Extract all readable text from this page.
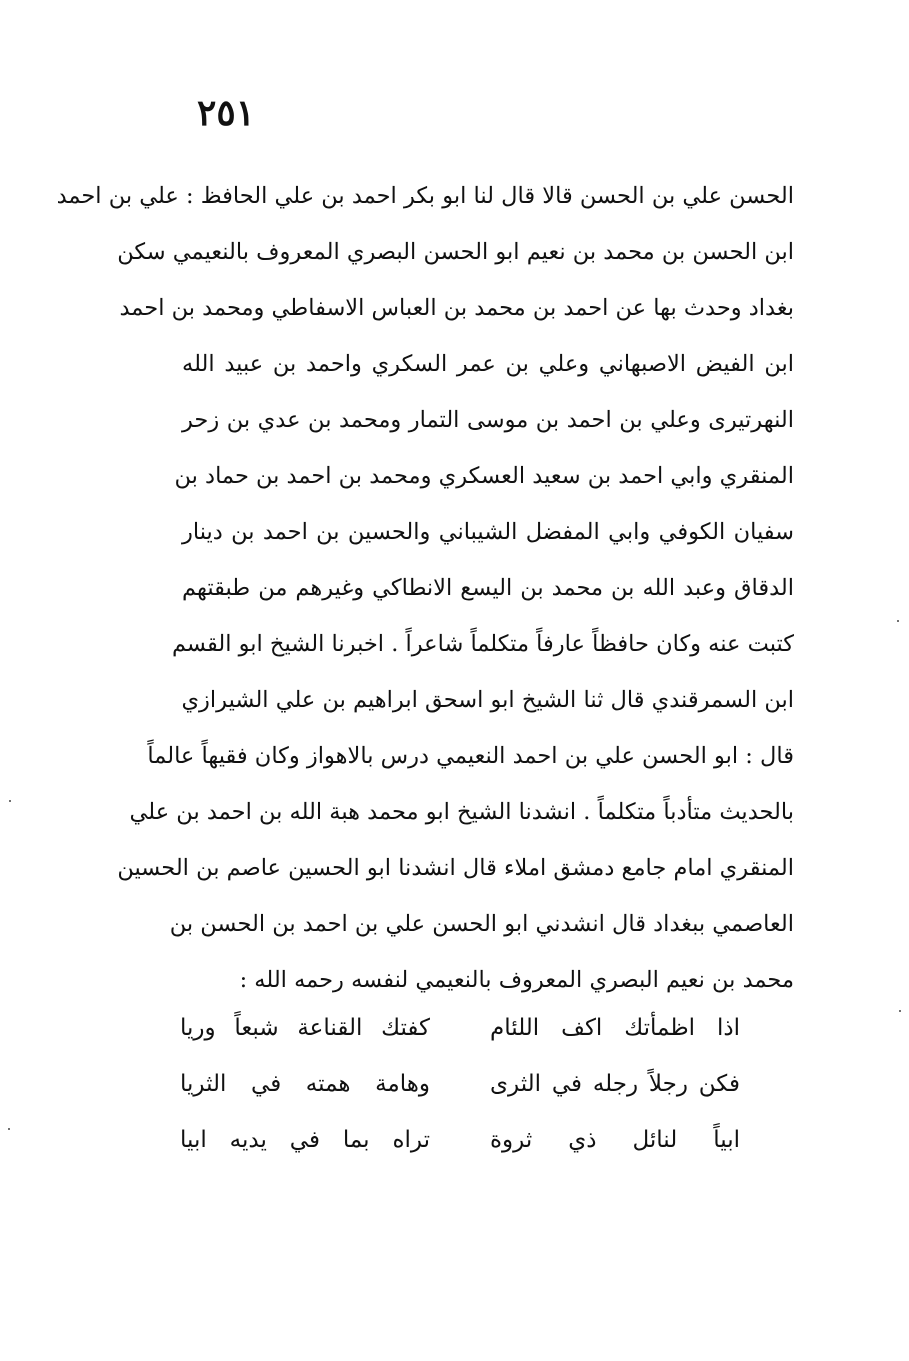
٢٥١
الحسن علي بن الحسن قالا قال لنا ابو بكر احمد بن علي الحافظ : علي بن احمد
ابن الحسن بن محمد بن نعيم ابو الحسن البصري المعروف بالنعيمي سكن
بغداد وحدث بها عن احمد بن محمد بن العباس الاسفاطي ومحمد بن احمد
ابن الفيض الاصبهاني وعلي بن عمر السكري واحمد بن عبيد الله
النهرتيرى وعلي بن احمد بن موسى التمار ومحمد بن عدي بن زحر
المنقري وابي احمد بن سعيد العسكري ومحمد بن احمد بن حماد بن
سفيان الكوفي وابي المفضل الشيباني والحسين بن احمد بن دينار
الدقاق وعبد الله بن محمد بن اليسع الانطاكي وغيرهم من طبقتهم
كتبت عنه وكان حافظاً عارفاً متكلماً شاعراً . اخبرنا الشيخ ابو القسم
ابن السمرقندي قال ثنا الشيخ ابو اسحق ابراهيم بن علي الشيرازي
قال : ابو الحسن علي بن احمد النعيمي درس بالاهواز وكان فقيهاً عالماً
بالحديث متأدباً متكلماً . انشدنا الشيخ ابو محمد هبة الله بن احمد بن علي
المنقري امام جامع دمشق املاء قال انشدنا ابو الحسين عاصم بن الحسين
العاصمي ببغداد قال انشدني ابو الحسن علي بن احمد بن الحسن بن
محمد بن نعيم البصري المعروف بالنعيمي لنفسه رحمه الله :
اذا اظمأتك اكف اللئام
كفتك القناعة شبعاً وريا
فكن رجلاً رجله في الثرى
وهامة همته في الثريا
ابياً لنائل ذي ثروة
تراه بما في يديه ابيا
